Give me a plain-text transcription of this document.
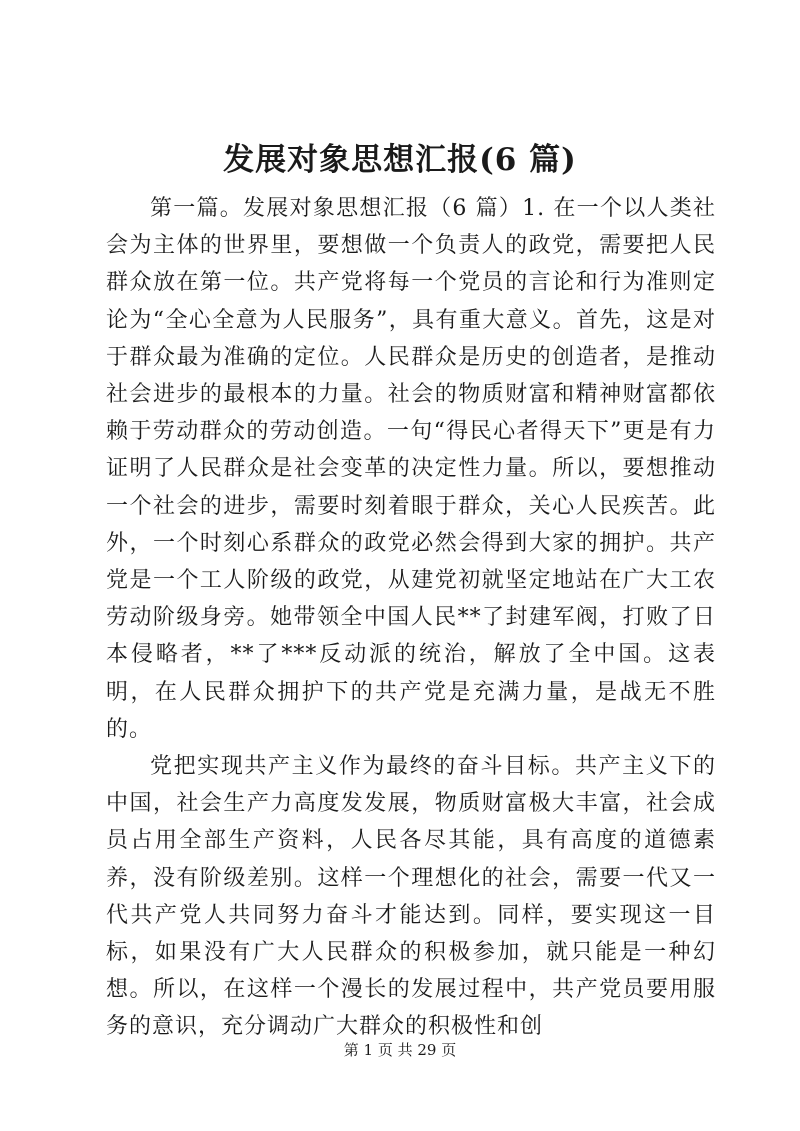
发展对象思想汇报(6 篇)

第一篇。发展对象思想汇报（6 篇）1. 在一个以人类社会为主体的世界里，要想做一个负责人的政党，需要把人民群众放在第一位。共产党将每一个党员的言论和行为准则定论为“全心全意为人民服务”，具有重大意义。首先，这是对于群众最为准确的定位。人民群众是历史的创造者，是推动社会进步的最根本的力量。社会的物质财富和精神财富都依赖于劳动群众的劳动创造。一句“得民心者得天下”更是有力证明了人民群众是社会变革的决定性力量。所以，要想推动一个社会的进步，需要时刻着眼于群众，关心人民疾苦。此外，一个时刻心系群众的政党必然会得到大家的拥护。共产党是一个工人阶级的政党，从建党初就坚定地站在广大工农劳动阶级身旁。她带领全中国人民**了封建军阀，打败了日本侵略者，**了***反动派的统治，解放了全中国。这表明，在人民群众拥护下的共产党是充满力量，是战无不胜的。

党把实现共产主义作为最终的奋斗目标。共产主义下的中国，社会生产力高度发发展，物质财富极大丰富，社会成员占用全部生产资料，人民各尽其能，具有高度的道德素养，没有阶级差别。这样一个理想化的社会，需要一代又一代共产党人共同努力奋斗才能达到。同样，要实现这一目标，如果没有广大人民群众的积极参加，就只能是一种幻想。所以，在这样一个漫长的发展过程中，共产党员要用服务的意识，充分调动广大群众的积极性和创

第 1 页 共 29 页
